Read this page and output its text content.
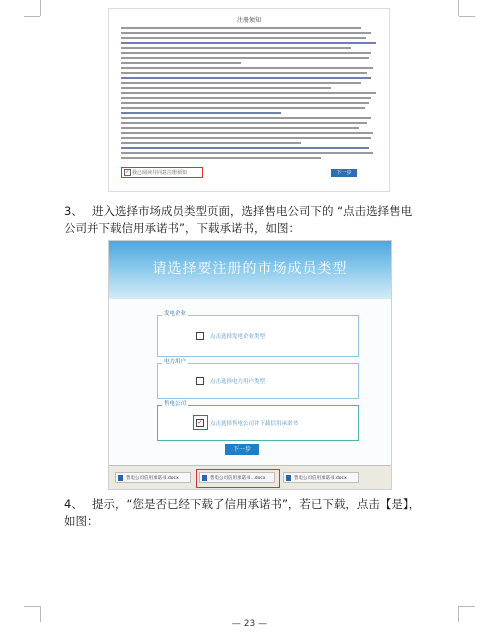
注册须知
✓ 我已阅读并同意注册须知	下一步
3、 进入选择市场成员类型页面，选择售电公司下的 “点击选择售电
公司并下载信用承诺书”，下载承诺书，如图：
请选择要注册的市场成员类型
发电企业
点击选择发电企业类型
电力用户
点击选择电力用户类型
下一步
售电公司信用承诺书.docx	售电公司信用承诺书...docx	售电公司信用承诺书.docx
售电公司
✓ 点击选择售电公司并下载信用承诺书
4、 提示，“您是否已经下载了信用承诺书”，若已下载，点击【是】，
如图：
— 23 —
